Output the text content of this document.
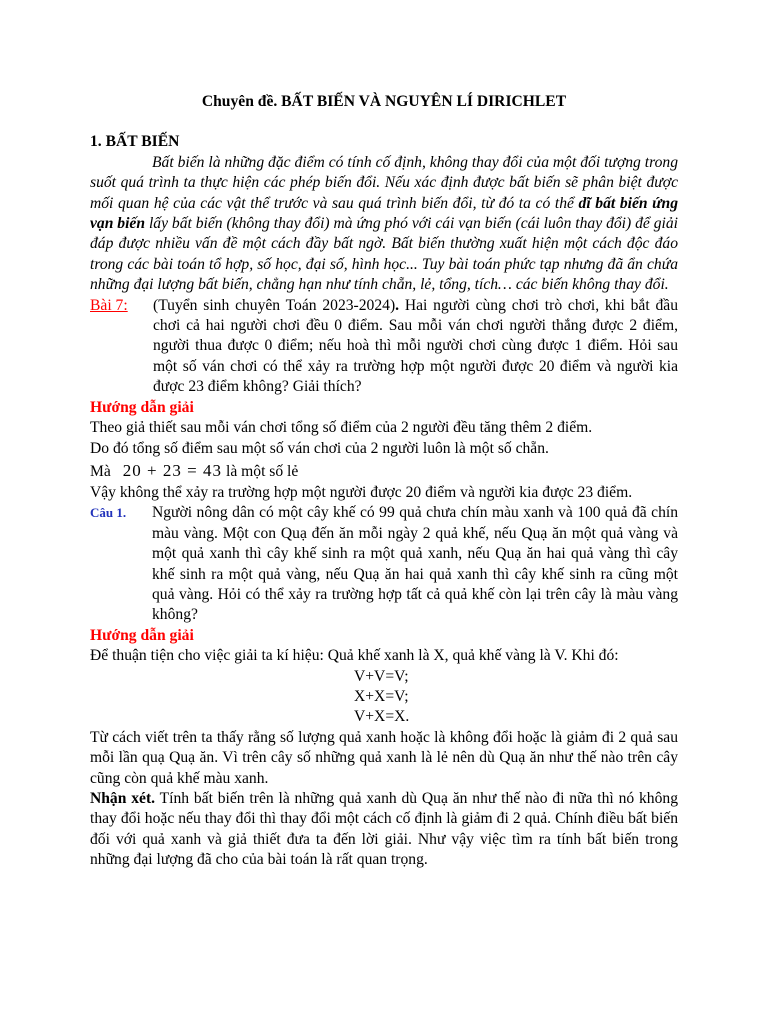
Chuyên đề. BẤT BIẾN VÀ NGUYÊN LÍ DIRICHLET

1. BẤT BIẾN

Bất biến là những đặc điểm có tính cố định, không thay đổi của một đối tượng trong suốt quá trình ta thực hiện các phép biến đổi. Nếu xác định được bất biến sẽ phân biệt được mối quan hệ của các vật thể trước và sau quá trình biến đổi, từ đó ta có thể dĩ bất biến ứng vạn biến lấy bất biến (không thay đổi) mà ứng phó với cái vạn biến (cái luôn thay đổi) để giải đáp được nhiều vấn đề một cách đầy bất ngờ. Bất biến thường xuất hiện một cách độc đáo trong các bài toán tổ hợp, số học, đại số, hình học... Tuy bài toán phức tạp nhưng đã ẩn chứa những đại lượng bất biến, chẳng hạn như tính chẵn, lẻ, tổng, tích… các biến không thay đổi.

Bài 7:	(Tuyển sinh chuyên Toán 2023-2024). Hai người cùng chơi trò chơi, khi bắt đầu chơi cả hai người chơi đều 0 điểm. Sau mỗi ván chơi người thắng được 2 điểm, người thua được 0 điểm; nếu hoà thì mỗi người chơi cùng được 1 điểm. Hỏi sau một số ván chơi có thể xảy ra trường hợp một người được 20 điểm và người kia được 23 điểm không? Giải thích?

Hướng dẫn giải

Theo giả thiết sau mỗi ván chơi tổng số điểm của 2 người đều tăng thêm 2 điểm.

Do đó tổng số điểm sau một số ván chơi của 2 người luôn là một số chẵn.

Mà 20 + 23 = 43 là một số lẻ

Vậy không thể xảy ra trường hợp một người được 20 điểm và người kia được 23 điểm.

Câu 1.	Người nông dân có một cây khế có 99 quả chưa chín màu xanh và 100 quả đã chín màu vàng. Một con Quạ đến ăn mỗi ngày 2 quả khế, nếu Quạ ăn một quả vàng và một quả xanh thì cây khế sinh ra một quả xanh, nếu Quạ ăn hai quả vàng thì cây khế sinh ra một quả vàng, nếu Quạ ăn hai quả xanh thì cây khế sinh ra cũng một quả vàng. Hỏi có thể xảy ra trường hợp tất cả quả khế còn lại trên cây là màu vàng không?

Hướng dẫn giải

Để thuận tiện cho việc giải ta kí hiệu: Quả khế xanh là X, quả khế vàng là V. Khi đó:

V+V=V;

X+X=V;

V+X=X.

Từ cách viết trên ta thấy rằng số lượng quả xanh hoặc là không đổi hoặc là giảm đi 2 quả sau mỗi lần quạ Quạ ăn. Vì trên cây số những quả xanh là lẻ nên dù Quạ ăn như thế nào trên cây cũng còn quả khế màu xanh.

Nhận xét. Tính bất biến trên là những quả xanh dù Quạ ăn như thế nào đi nữa thì nó không thay đổi hoặc nếu thay đổi thì thay đổi một cách cố định là giảm đi 2 quả. Chính điều bất biến đối với quả xanh và giả thiết đưa ta đến lời giải. Như vậy việc tìm ra tính bất biến trong những đại lượng đã cho của bài toán là rất quan trọng.
